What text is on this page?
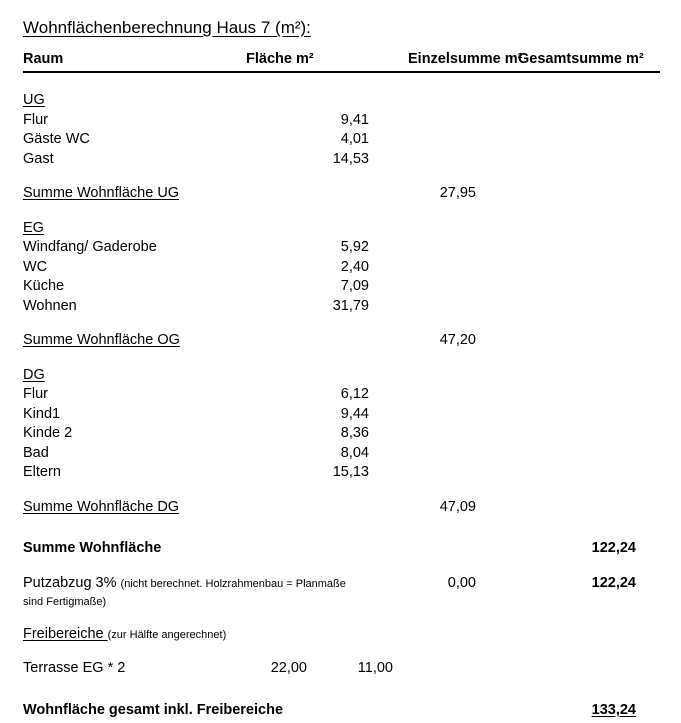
Wohnflächenberechnung Haus 7 (m²):
Raum	Fläche m²		Einzelsumme m²	Gesamtsumme m²

UG				
Flur	9,41			
Gäste WC	4,01			
Gast	14,53			

Summe Wohnfläche UG			27,95	

EG				
Windfang/ Gaderobe	5,92			
WC	2,40			
Küche	7,09			
Wohnen	31,79			

Summe Wohnfläche OG			47,20	

DG				
Flur	6,12			
Kind1	9,44			
Kinde 2	8,36			
Bad	8,04			
Eltern	15,13			

Summe Wohnfläche DG			47,09	

Summe Wohnfläche				122,24

Putzabzug 3% (nicht berechnet. Holzrahmenbau = Planmaße sind Fertigmaße)			0,00	122,24

Freibereiche (zur Hälfte angerechnet)				

Terrasse EG * 2	22,00	11,00		

Wohnfläche gesamt inkl. Freibereiche				133,24
